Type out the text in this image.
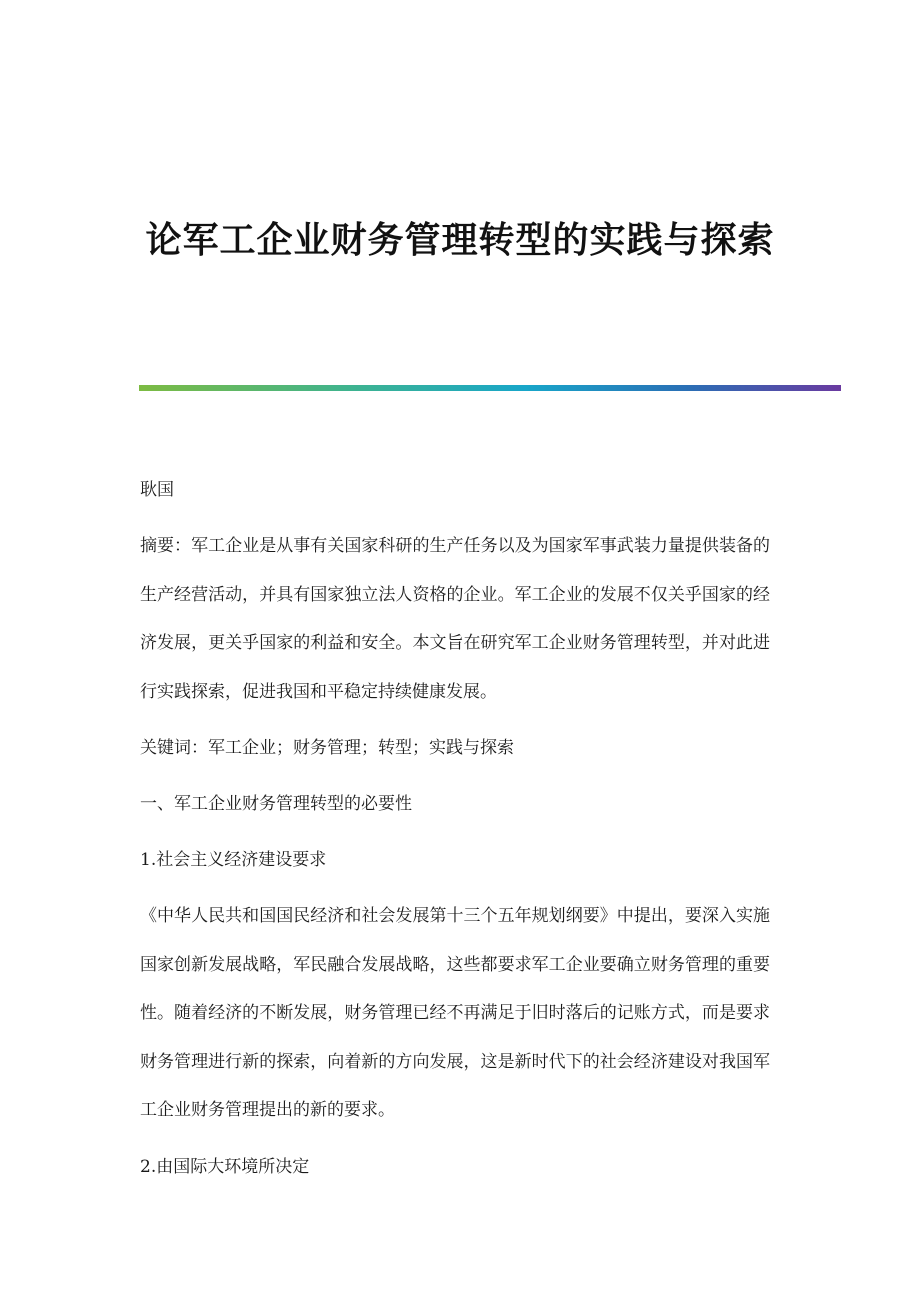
论军工企业财务管理转型的实践与探索

耿国

摘要：军工企业是从事有关国家科研的生产任务以及为国家军事武装力量提供装备的生产经营活动，并具有国家独立法人资格的企业。军工企业的发展不仅关乎国家的经济发展，更关乎国家的利益和安全。本文旨在研究军工企业财务管理转型，并对此进行实践探索，促进我国和平稳定持续健康发展。

关键词：军工企业；财务管理；转型；实践与探索

一、军工企业财务管理转型的必要性

1.社会主义经济建设要求

《中华人民共和国国民经济和社会发展第十三个五年规划纲要》中提出，要深入实施国家创新发展战略，军民融合发展战略，这些都要求军工企业要确立财务管理的重要性。随着经济的不断发展，财务管理已经不再满足于旧时落后的记账方式，而是要求财务管理进行新的探索，向着新的方向发展，这是新时代下的社会经济建设对我国军工企业财务管理提出的新的要求。

2.由国际大环境所决定
